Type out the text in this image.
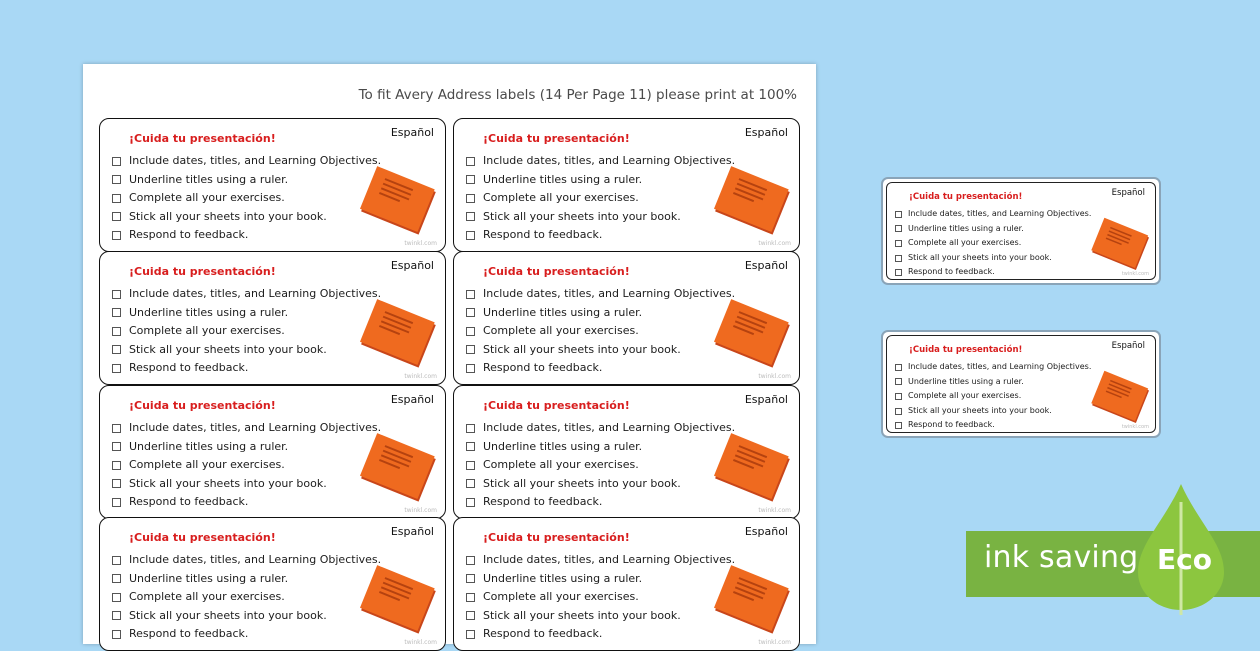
To fit Avery Address labels (14 Per Page 11) please print at 100%
¡Cuida tu presentación!	Español
Include dates, titles, and Learning Objectives.
Underline titles using a ruler.
Complete all your exercises.
Stick all your sheets into your book.
Respond to feedback.
twinkl.com
¡Cuida tu presentación!	Español
Include dates, titles, and Learning Objectives.
Underline titles using a ruler.
Complete all your exercises.
Stick all your sheets into your book.
Respond to feedback.
twinkl.com
¡Cuida tu presentación!	Español
Include dates, titles, and Learning Objectives.
Underline titles using a ruler.
Complete all your exercises.
Stick all your sheets into your book.
Respond to feedback.
twinkl.com
¡Cuida tu presentación!	Español
Include dates, titles, and Learning Objectives.
Underline titles using a ruler.
Complete all your exercises.
Stick all your sheets into your book.
Respond to feedback.
twinkl.com
¡Cuida tu presentación!	Español
Include dates, titles, and Learning Objectives.
Underline titles using a ruler.
Complete all your exercises.
Stick all your sheets into your book.
Respond to feedback.
twinkl.com
¡Cuida tu presentación!	Español
Include dates, titles, and Learning Objectives.
Underline titles using a ruler.
Complete all your exercises.
Stick all your sheets into your book.
Respond to feedback.
twinkl.com
¡Cuida tu presentación!	Español
Include dates, titles, and Learning Objectives.
Underline titles using a ruler.
Complete all your exercises.
Stick all your sheets into your book.
Respond to feedback.
twinkl.com
¡Cuida tu presentación!	Español
Include dates, titles, and Learning Objectives.
Underline titles using a ruler.
Complete all your exercises.
Stick all your sheets into your book.
Respond to feedback.
twinkl.com
¡Cuida tu presentación!	Español
Include dates, titles, and Learning Objectives.
Underline titles using a ruler.
Complete all your exercises.
Stick all your sheets into your book.
Respond to feedback.	twinkl.com
¡Cuida tu presentación!	Español
Include dates, titles, and Learning Objectives.
Underline titles using a ruler.
Complete all your exercises.
Stick all your sheets into your book.
Respond to feedback.	twinkl.com
ink saving Eco
